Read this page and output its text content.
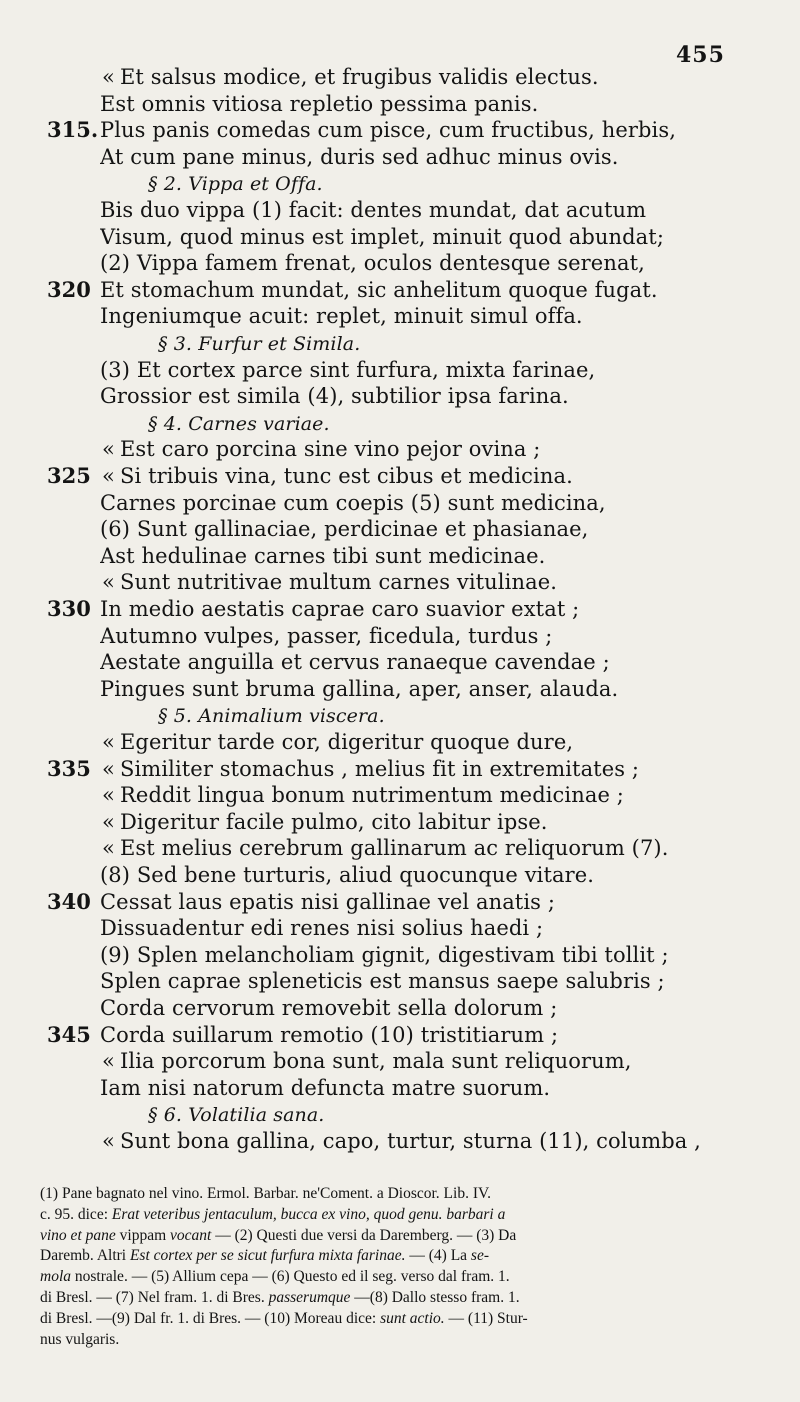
455
« Et salsus modice, et frugibus validis electus.
Est omnis vitiosa repletio pessima panis.
315. Plus panis comedas cum pisce, cum fructibus, herbis,
At cum pane minus, duris sed adhuc minus ovis.
§ 2. Vippa et Offa.
Bis duo vippa (1) facit: dentes mundat, dat acutum
Visum, quod minus est implet, minuit quod abundat;
(2) Vippa famem frenat, oculos dentesque serenat,
320 Et stomachum mundat, sic anhelitum quoque fugat.
Ingeniumque acuit: replet, minuit simul offa.
§ 3. Furfur et Simila.
(3) Et cortex parce sint furfura, mixta farinae,
Grossior est simila (4), subtilior ipsa farina.
§ 4. Carnes variae.
« Est caro porcina sine vino pejor ovina ;
325 « Si tribuis vina, tunc est cibus et medicina.
Carnes porcinae cum coepis (5) sunt medicina,
(6) Sunt gallinaciae, perdicinae et phasianae,
Ast hedulinae carnes tibi sunt medicinae.
« Sunt nutritivae multum carnes vitulinae.
330 In medio aestatis caprae caro suavior extat ;
Autumno vulpes, passer, ficedula, turdus ;
Aestate anguilla et cervus ranaeque cavendae ;
Pingues sunt bruma gallina, aper, anser, alauda.
§ 5. Animalium viscera.
« Egeritur tarde cor, digeritur quoque dure,
335 « Similiter stomachus , melius fit in extremitates ;
« Reddit lingua bonum nutrimentum medicinae ;
« Digeritur facile pulmo, cito labitur ipse.
« Est melius cerebrum gallinarum ac reliquorum (7).
(8) Sed bene turturis, aliud quocunque vitare.
340 Cessat laus epatis nisi gallinae vel anatis ;
Dissuadentur edi renes nisi solius haedi ;
(9) Splen melancholiam gignit, digestivam tibi tollit ;
Splen caprae spleneticis est mansus saepe salubris ;
Corda cervorum removebit sella dolorum ;
345 Corda suillarum remotio (10) tristitiarum ;
« Ilia porcorum bona sunt, mala sunt reliquorum,
Iam nisi natorum defuncta matre suorum.
§ 6. Volatilia sana.
« Sunt bona gallina, capo, turtur, sturna (11), columba ,
(1) Pane bagnato nel vino. Ermol. Barbar. ne'Coment. a Dioscor. Lib. IV.
c. 95. dice: Erat veteribus jentaculum, bucca ex vino, quod genu. barbari a
vino et pane vippam vocant — (2) Questi due versi da Daremberg. — (3) Da
Daremb. Altri Est cortex per se sicut furfura mixta farinae. — (4) La se-
mola nostrale. — (5) Allium cepa — (6) Questo ed il seg. verso dal fram. 1.
di Bresl. — (7) Nel fram. 1. di Bres. passerumque —(8) Dallo stesso fram. 1.
di Bresl. —(9) Dal fr. 1. di Bres. — (10) Moreau dice: sunt actio. — (11) Stur-
nus vulgaris.
